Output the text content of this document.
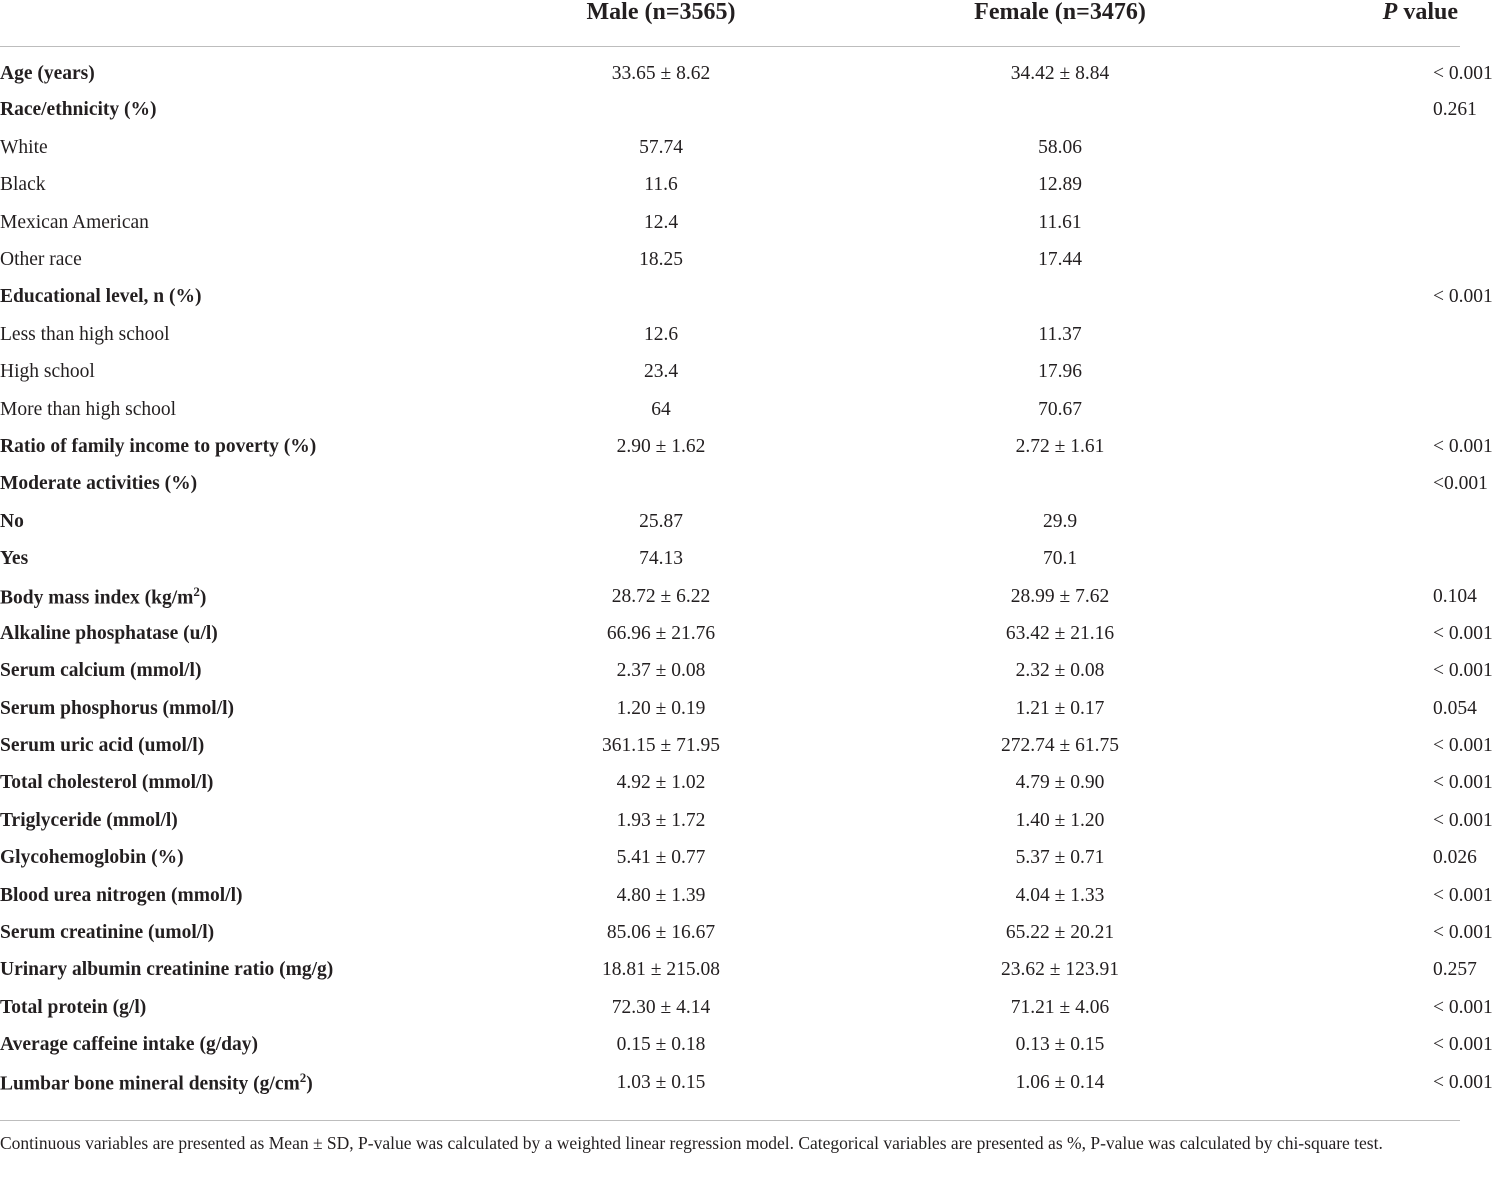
	Male (n=3565)	Female (n=3476)	P value
Age (years)	33.65 ± 8.62	34.42 ± 8.84	< 0.001
Race/ethnicity (%)			0.261
White	57.74	58.06	
Black	11.6	12.89	
Mexican American	12.4	11.61	
Other race	18.25	17.44	
Educational level, n (%)			< 0.001
Less than high school	12.6	11.37	
High school	23.4	17.96	
More than high school	64	70.67	
Ratio of family income to poverty (%)	2.90 ± 1.62	2.72 ± 1.61	< 0.001
Moderate activities (%)			<0.001
No	25.87	29.9	
Yes	74.13	70.1	
Body mass index $(kg/m^2)$	28.72 ± 6.22	28.99 ± 7.62	0.104
Alkaline phosphatase (u/l)	66.96 ± 21.76	63.42 ± 21.16	< 0.001
Serum calcium (mmol/l)	2.37 ± 0.08	2.32 ± 0.08	< 0.001
Serum phosphorus (mmol/l)	1.20 ± 0.19	1.21 ± 0.17	0.054
Serum uric acid (umol/l)	361.15 ± 71.95	272.74 ± 61.75	< 0.001
Total cholesterol (mmol/l)	4.92 ± 1.02	4.79 ± 0.90	< 0.001
Triglyceride (mmol/l)	1.93 ± 1.72	1.40 ± 1.20	< 0.001
Glycohemoglobin (%)	5.41 ± 0.77	5.37 ± 0.71	0.026
Blood urea nitrogen (mmol/l)	4.80 ± 1.39	4.04 ± 1.33	< 0.001
Serum creatinine (umol/l)	85.06 ± 16.67	65.22 ± 20.21	< 0.001
Urinary albumin creatinine ratio (mg/g)	18.81 ± 215.08	23.62 ± 123.91	0.257
Total protein (g/l)	72.30 ± 4.14	71.21 ± 4.06	< 0.001
Average caffeine intake (g/day)	0.15 ± 0.18	0.13 ± 0.15	< 0.001
Lumbar bone mineral density $(g/cm^2)$	1.03 ± 0.15	1.06 ± 0.14	< 0.001
Continuous variables are presented as Mean ± SD, P-value was calculated by a weighted linear regression model. Categorical variables are presented as %, P-value was calculated by chi-square test.
